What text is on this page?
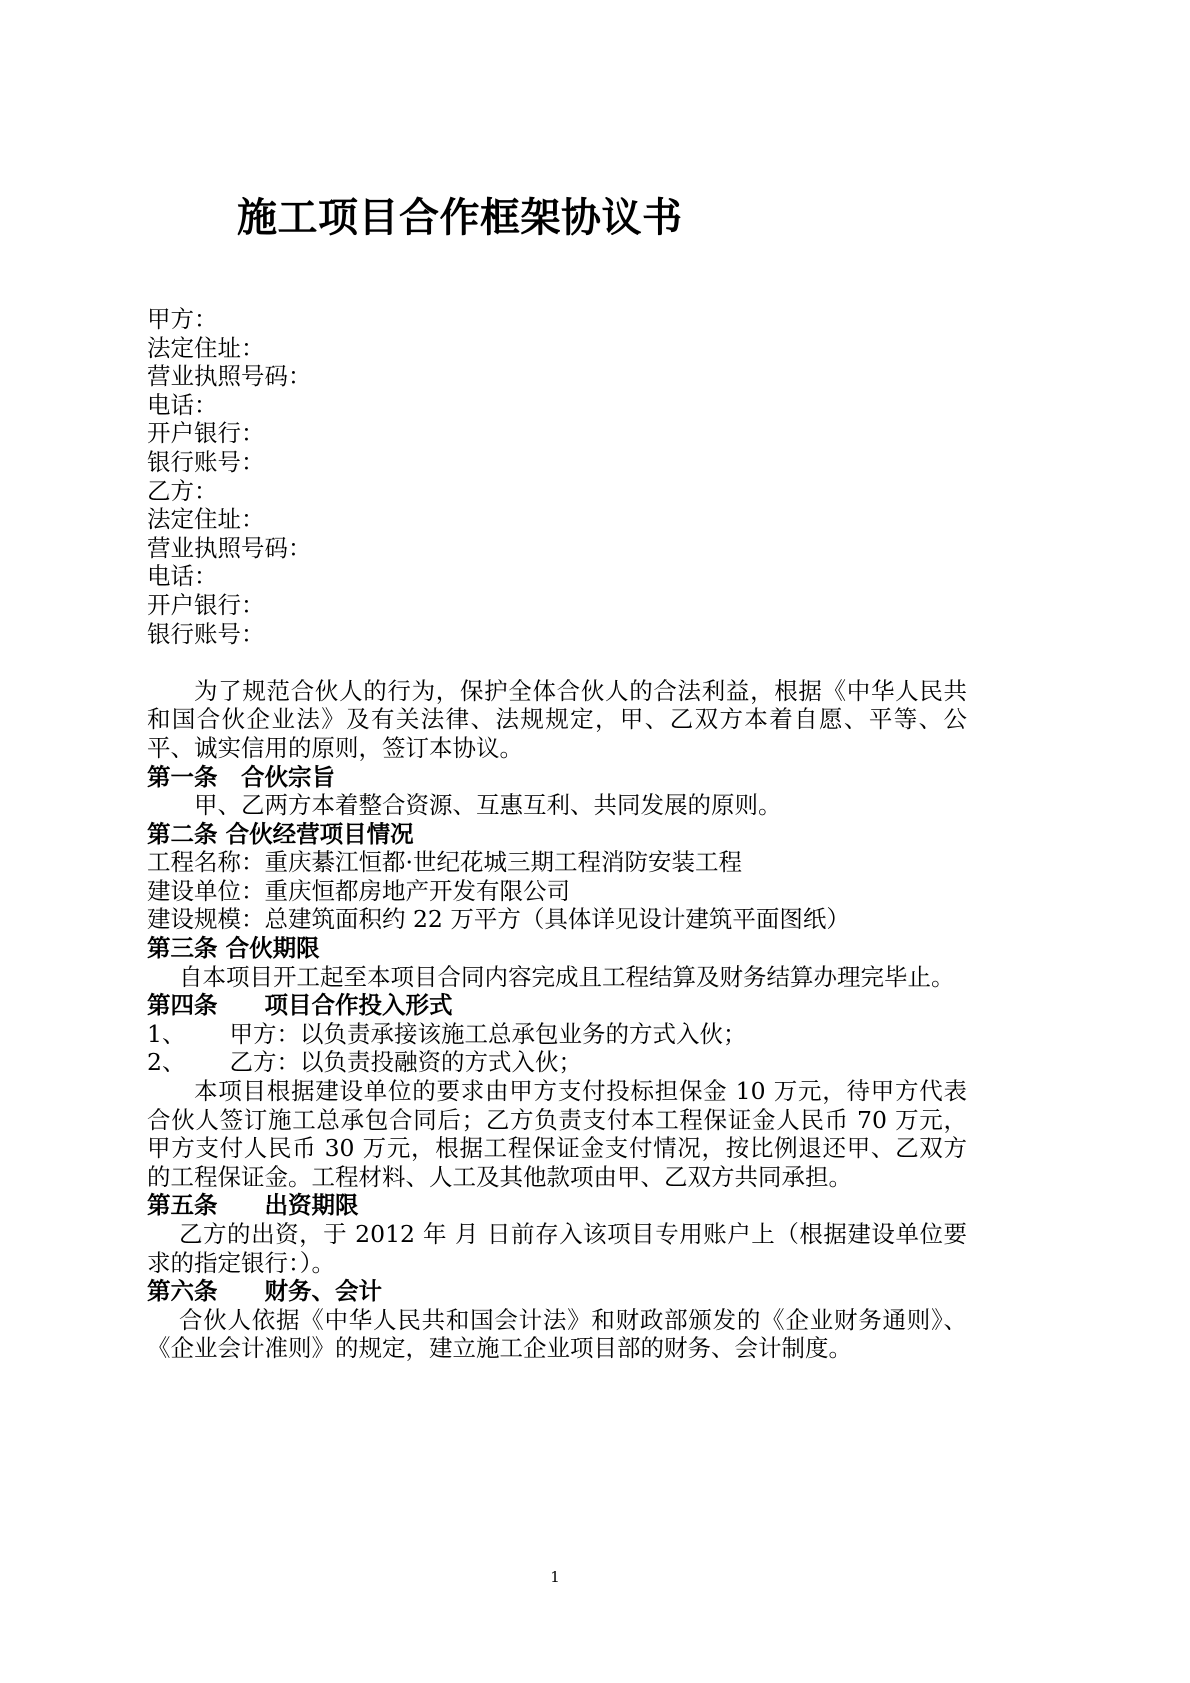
施工项目合作框架协议书
甲方：
法定住址：
营业执照号码：
电话：
开户银行：
银行账号：
乙方：
法定住址：
营业执照号码：
电话：
开户银行：
银行账号：
为了规范合伙人的行为，保护全体合伙人的合法利益，根据《中华人民共和国合伙企业法》及有关法律、法规规定，甲、乙双方本着自愿、平等、公平、诚实信用的原则，签订本协议。
第一条　合伙宗旨
甲、乙两方本着整合资源、互惠互利、共同发展的原则。
第二条 合伙经营项目情况
工程名称：重庆綦江恒都·世纪花城三期工程消防安装工程
建设单位：重庆恒都房地产开发有限公司
建设规模：总建筑面积约 22 万平方（具体详见设计建筑平面图纸）
第三条 合伙期限
自本项目开工起至本项目合同内容完成且工程结算及财务结算办理完毕止。
第四条　　项目合作投入形式
1、 甲方：以负责承接该施工总承包业务的方式入伙；
2、 乙方：以负责投融资的方式入伙；
本项目根据建设单位的要求由甲方支付投标担保金 10 万元，待甲方代表合伙人签订施工总承包合同后；乙方负责支付本工程保证金人民币 70 万元，甲方支付人民币 30 万元，根据工程保证金支付情况，按比例退还甲、乙双方的工程保证金。工程材料、人工及其他款项由甲、乙双方共同承担。
第五条　　出资期限
乙方的出资，于 2012 年 月 日前存入该项目专用账户上（根据建设单位要求的指定银行：）。
第六条　　财务、会计
合伙人依据《中华人民共和国会计法》和财政部颁发的《企业财务通则》、《企业会计准则》的规定，建立施工企业项目部的财务、会计制度。
1
